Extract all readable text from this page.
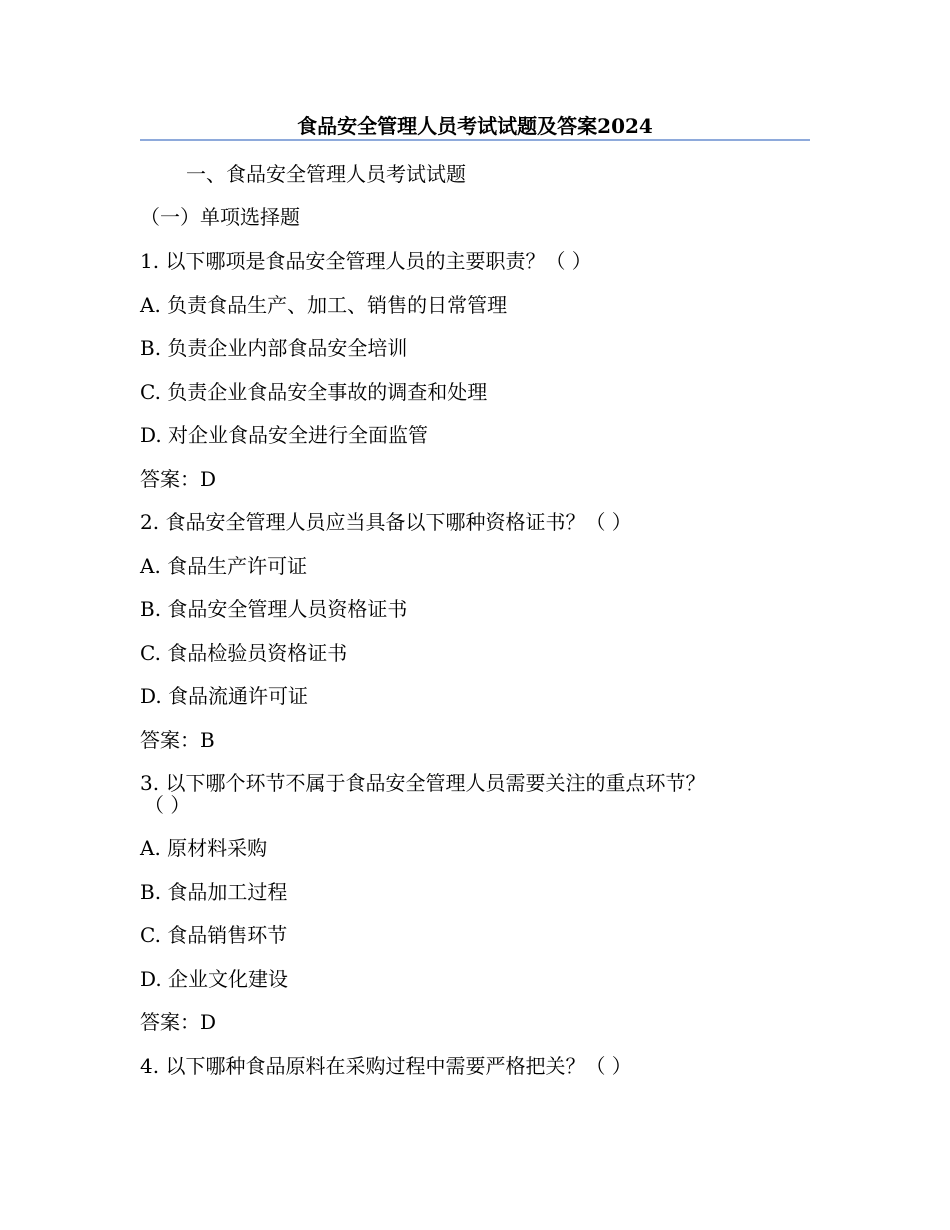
食品安全管理人员考试试题及答案2024
一、食品安全管理人员考试试题
（一）单项选择题
1. 以下哪项是食品安全管理人员的主要职责？（ ）
A. 负责食品生产、加工、销售的日常管理
B. 负责企业内部食品安全培训
C. 负责企业食品安全事故的调查和处理
D. 对企业食品安全进行全面监管
答案：D
2. 食品安全管理人员应当具备以下哪种资格证书？（ ）
A. 食品生产许可证
B. 食品安全管理人员资格证书
C. 食品检验员资格证书
D. 食品流通许可证
答案：B
3. 以下哪个环节不属于食品安全管理人员需要关注的重点环节？
（ ）
A. 原材料采购
B. 食品加工过程
C. 食品销售环节
D. 企业文化建设
答案：D
4. 以下哪种食品原料在采购过程中需要严格把关？（ ）
